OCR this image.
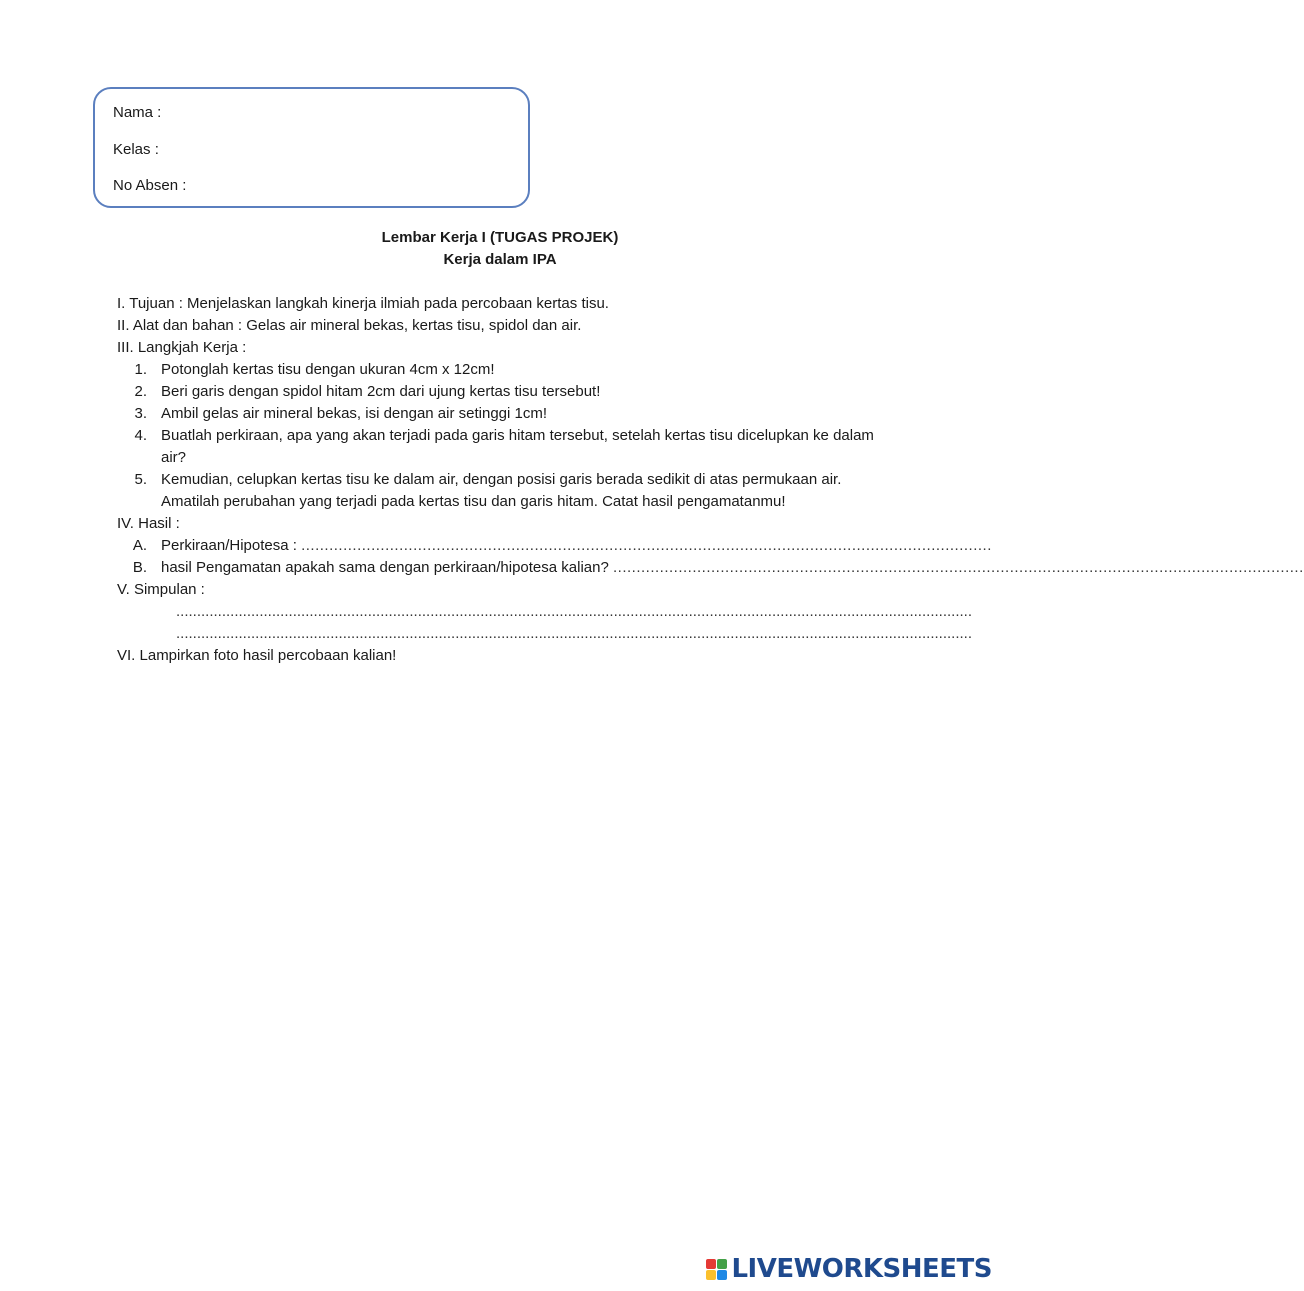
Nama :
Kelas :
No Absen :
Lembar Kerja I (TUGAS PROJEK)
Kerja dalam IPA
I. Tujuan : Menjelaskan langkah kinerja ilmiah pada percobaan kertas tisu.
II. Alat dan bahan : Gelas air mineral bekas, kertas tisu, spidol dan air.
III. Langkjah Kerja :
1. Potonglah kertas tisu dengan ukuran 4cm x 12cm!
2. Beri garis dengan spidol hitam 2cm dari ujung kertas tisu tersebut!
3. Ambil gelas air mineral bekas, isi dengan air setinggi 1cm!
4. Buatlah perkiraan, apa yang akan terjadi pada garis hitam tersebut, setelah kertas tisu dicelupkan ke dalam air?
5. Kemudian, celupkan kertas tisu ke dalam air, dengan posisi garis berada sedikit di atas permukaan air. Amatilah perubahan yang terjadi pada kertas tisu dan garis hitam. Catat hasil pengamatanmu!
IV. Hasil :
A. Perkiraan/Hipotesa : ....................................................................................................................................................
B. hasil Pengamatan apakah sama dengan perkiraan/hipotesa kalian? ....................................................................................................................................................
V. Simpulan :
...............................................................................................................................................................................................
...............................................................................................................................................................................................
VI. Lampirkan foto hasil percobaan kalian!
LIVEWORKSHEETS
